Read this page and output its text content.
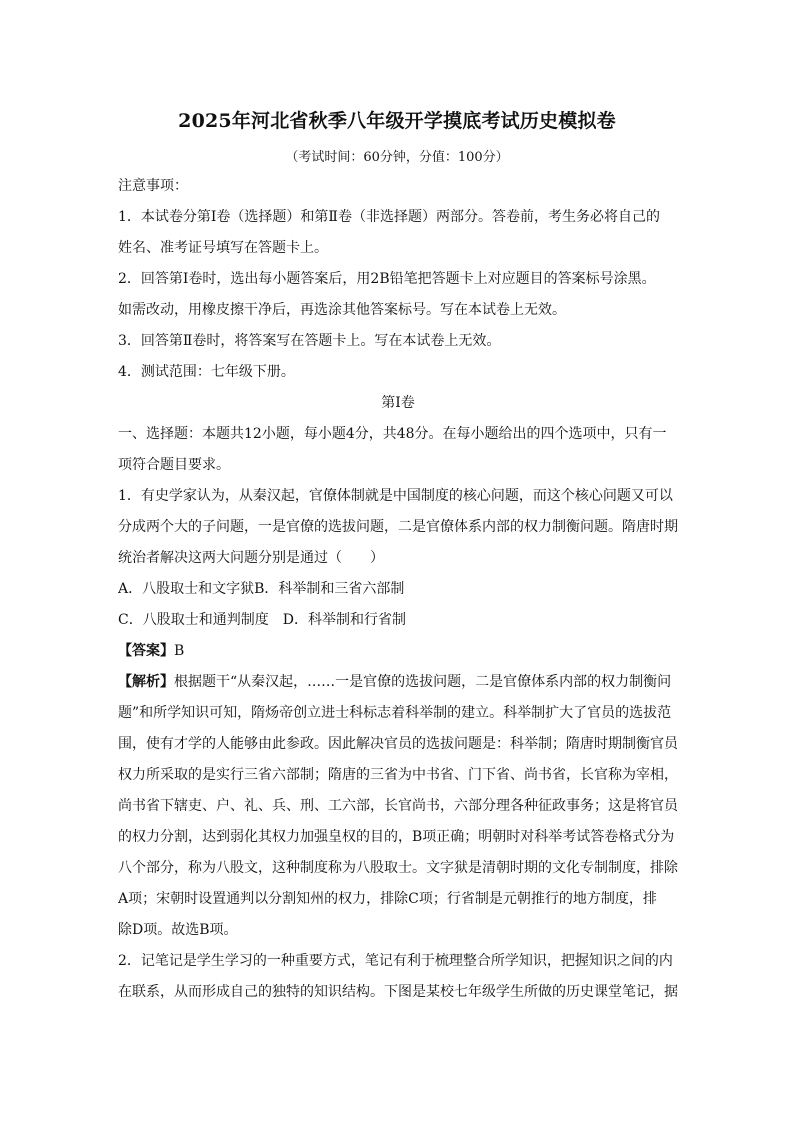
2025年河北省秋季八年级开学摸底考试历史模拟卷
（考试时间：60分钟，分值：100分）
注意事项：
1．本试卷分第Ⅰ卷（选择题）和第Ⅱ卷（非选择题）两部分。答卷前，考生务必将自己的
姓名、准考证号填写在答题卡上。
2．回答第Ⅰ卷时，选出每小题答案后，用2B铅笔把答题卡上对应题目的答案标号涂黑。
如需改动，用橡皮擦干净后，再选涂其他答案标号。写在本试卷上无效。
3．回答第Ⅱ卷时，将答案写在答题卡上。写在本试卷上无效。
4．测试范围：七年级下册。
第Ⅰ卷
一、选择题：本题共12小题，每小题4分，共48分。在每小题给出的四个选项中，只有一
项符合题目要求。
1．有史学家认为，从秦汉起，官僚体制就是中国制度的核心问题，而这个核心问题又可以
分成两个大的子问题，一是官僚的选拔问题，二是官僚体系内部的权力制衡问题。隋唐时期
统治者解决这两大问题分别是通过（　　）
A．八股取士和文字狱B．科举制和三省六部制
C．八股取士和通判制度 D．科举制和行省制
【答案】B
【解析】根据题干“从秦汉起，……一是官僚的选拔问题，二是官僚体系内部的权力制衡问
题”和所学知识可知，隋炀帝创立进士科标志着科举制的建立。科举制扩大了官员的选拔范
围，使有才学的人能够由此参政。因此解决官员的选拔问题是：科举制；隋唐时期制衡官员
权力所采取的是实行三省六部制；隋唐的三省为中书省、门下省、尚书省，长官称为宰相，
尚书省下辖吏、户、礼、兵、刑、工六部，长官尚书，六部分理各种征政事务；这是将官员
的权力分割，达到弱化其权力加强皇权的目的，B项正确；明朝时对科举考试答卷格式分为
八个部分，称为八股文，这种制度称为八股取士。文字狱是清朝时期的文化专制制度，排除
A项；宋朝时设置通判以分割知州的权力，排除C项；行省制是元朝推行的地方制度，排
除D项。故选B项。
2．记笔记是学生学习的一种重要方式，笔记有利于梳理整合所学知识，把握知识之间的内
在联系，从而形成自己的独特的知识结构。下图是某校七年级学生所做的历史课堂笔记，据
